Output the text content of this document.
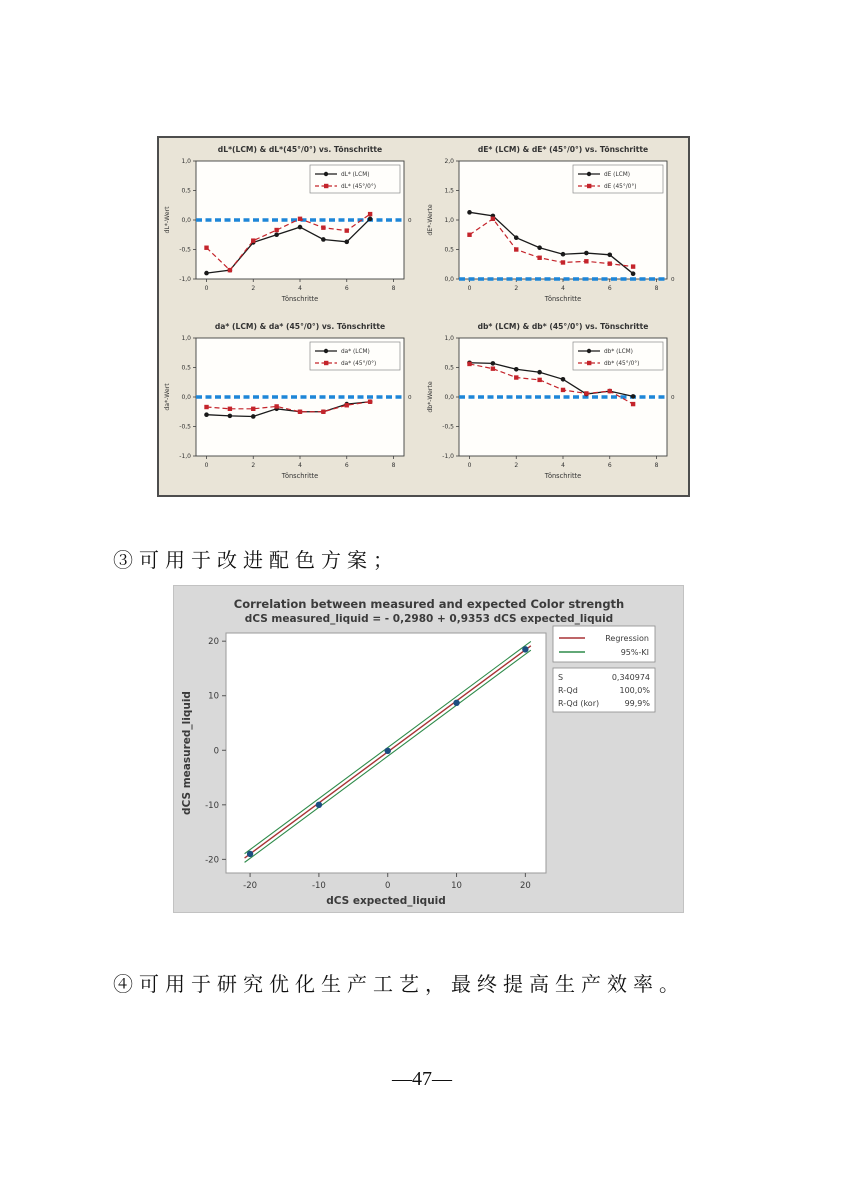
dL*(LCM) & dL*(45°/0°) vs. Tönschritte
1,0
0,5
0,0
-0,5
-1,0
0	2	4	6	8
Tönschritte
dL*-Wert	0
dL* (LCM)
dL* (45°/0°)
dE* (LCM) & dE* (45°/0°) vs. Tönschritte
2,0
1,5
1,0
0,5
0,0
0	2	4	6	8
Tönschritte
dE*-Werte
0
dE (LCM)
dE (45°/0°)
da* (LCM) & da* (45°/0°) vs. Tönschritte
1,0
0,5
0,0
-0,5
-1,0
0	2	4	6	8
Tönschritte
da*-Wert	0
da* (LCM)
da* (45°/0°)
db* (LCM) & db* (45°/0°) vs. Tönschritte
1,0
0,5
0,0
-0,5
-1,0
0	2	4	6	8
Tönschritte
db*-Werte	0
db* (LCM)
db* (45°/0°)

③可用于改进配色方案；

Correlation between measured and expected Color strength
dCS measured_liquid = - 0,2980 + 0,9353 dCS expected_liquid
-20	-10	0	10	20
20
10
0
-10
-20
dCS expected_liquid
dCS measured_liquid
Regression
95%-KI
S	0,340974
R-Qd	100,0%
R-Qd (kor)	99,9%

④可用于研究优化生产工艺，最终提高生产效率。

—47—
